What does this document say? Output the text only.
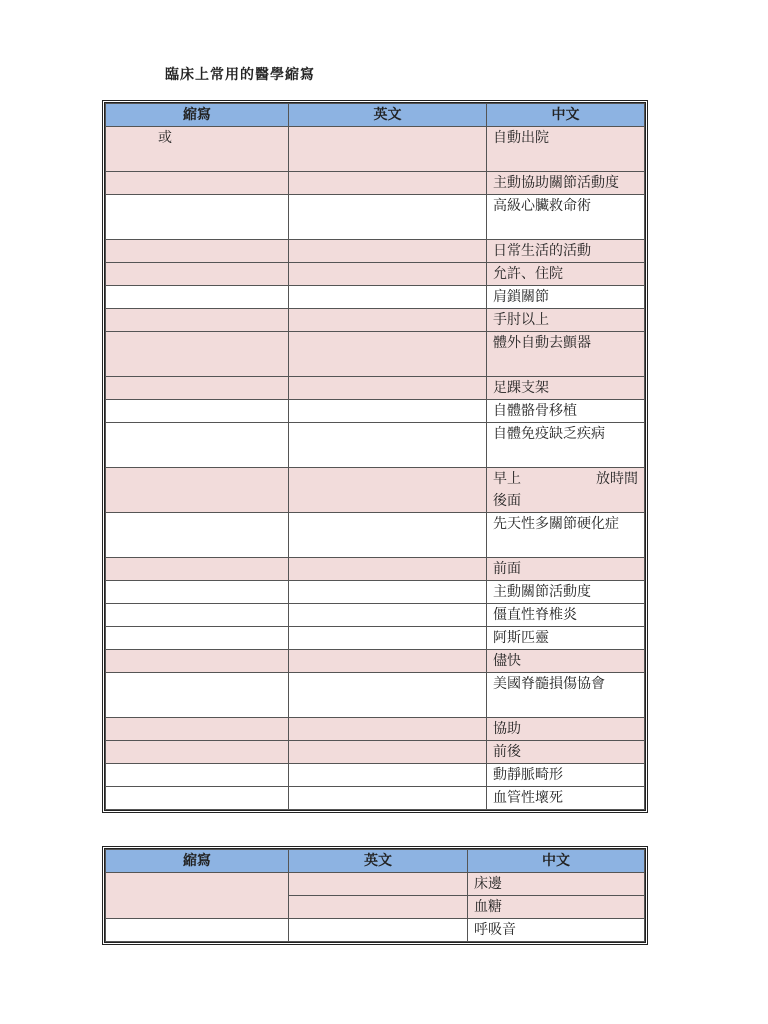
臨床上常用的醫學縮寫
縮寫	英文	中文
或		自動出院
		主動協助關節活動度
		高級心臟救命術
		日常生活的活動
		允許、住院
		肩鎖關節
		手肘以上
		體外自動去顫器
		足踝支架
		自體骼骨移植
		自體免疫缺乏疾病

		早上 放時間
後面

		先天性多關節硬化症
		前面
		主動關節活動度
		僵直性脊椎炎
		阿斯匹靈
		儘快
		美國脊髓損傷協會
		協助
		前後
		動靜脈畸形
		血管性壞死
縮寫	英文	中文
		床邊
		血糖
		呼吸音
